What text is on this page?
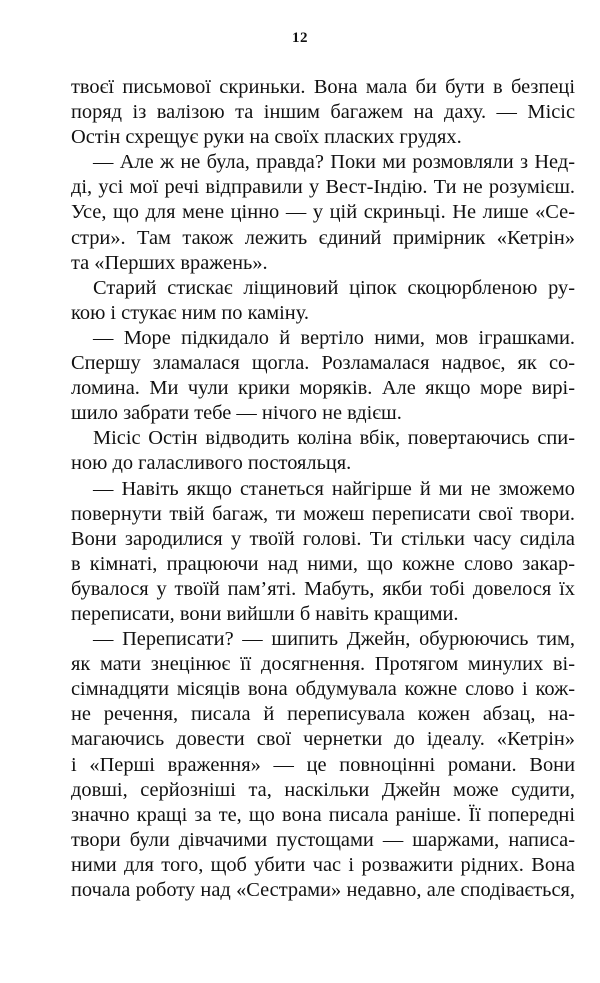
12
твоєї письмової скриньки. Вона мала би бути в безпеці
поряд із валізою та іншим багажем на даху. — Місіс
Остін схрещує руки на своїх пласких грудях.
— Але ж не була, правда? Поки ми розмовляли з Нед-
ді, усі мої речі відправили у Вест-Індію. Ти не розумієш.
Усе, що для мене цінно — у цій скриньці. Не лише «Се-
стри». Там також лежить єдиний примірник «Кетрін»
та «Перших вражень».
Старий стискає ліщиновий ціпок скоцюрбленою ру-
кою і стукає ним по каміну.
— Море підкидало й вертіло ними, мов іграшками.
Спершу зламалася щогла. Розламалася надвоє, як со-
ломина. Ми чули крики моряків. Але якщо море вирі-
шило забрати тебе — нічого не вдієш.
Місіс Остін відводить коліна вбік, повертаючись спи-
ною до галасливого постояльця.
— Навіть якщо станеться найгірше й ми не зможемо
повернути твій багаж, ти можеш переписати свої твори.
Вони зародилися у твоїй голові. Ти стільки часу сиділа
в кімнаті, працюючи над ними, що кожне слово закар-
бувалося у твоїй пам’яті. Мабуть, якби тобі довелося їх
переписати, вони вийшли б навіть кращими.
— Переписати? — шипить Джейн, обурюючись тим,
як мати знецінює її досягнення. Протягом минулих ві-
сімнадцяти місяців вона обдумувала кожне слово і кож-
не речення, писала й переписувала кожен абзац, на-
магаючись довести свої чернетки до ідеалу. «Кетрін»
і «Перші враження» — це повноцінні романи. Вони
довші, серйозніші та, наскільки Джейн може судити,
значно кращі за те, що вона писала раніше. Її попередні
твори були дівчачими пустощами — шаржами, написа-
ними для того, щоб убити час і розважити рідних. Вона
почала роботу над «Сестрами» недавно, але сподівається,
